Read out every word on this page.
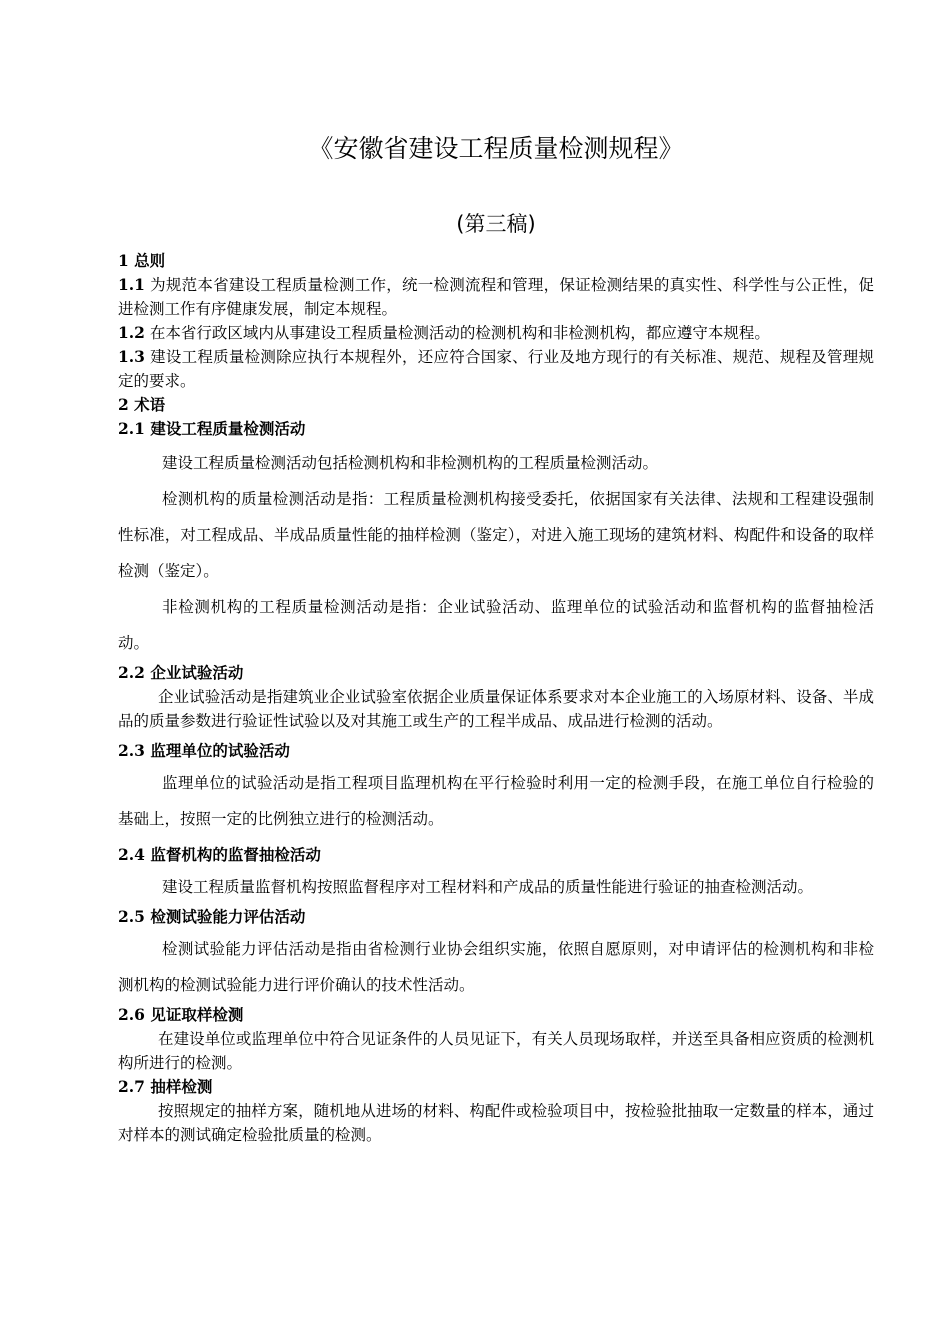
《安徽省建设工程质量检测规程》
(第三稿)

1 总则

1.1 为规范本省建设工程质量检测工作，统一检测流程和管理，保证检测结果的真实性、科学性与公正性，促进检测工作有序健康发展，制定本规程。

1.2 在本省行政区域内从事建设工程质量检测活动的检测机构和非检测机构，都应遵守本规程。

1.3 建设工程质量检测除应执行本规程外，还应符合国家、行业及地方现行的有关标准、规范、规程及管理规定的要求。

2 术语

2.1 建设工程质量检测活动

建设工程质量检测活动包括检测机构和非检测机构的工程质量检测活动。

检测机构的质量检测活动是指：工程质量检测机构接受委托，依据国家有关法律、法规和工程建设强制性标准，对工程成品、半成品质量性能的抽样检测（鉴定），对进入施工现场的建筑材料、构配件和设备的取样检测（鉴定）。

非检测机构的工程质量检测活动是指：企业试验活动、监理单位的试验活动和监督机构的监督抽检活动。

2.2 企业试验活动

企业试验活动是指建筑业企业试验室依据企业质量保证体系要求对本企业施工的入场原材料、设备、半成品的质量参数进行验证性试验以及对其施工或生产的工程半成品、成品进行检测的活动。

2.3 监理单位的试验活动

监理单位的试验活动是指工程项目监理机构在平行检验时利用一定的检测手段，在施工单位自行检验的基础上，按照一定的比例独立进行的检测活动。

2.4 监督机构的监督抽检活动

建设工程质量监督机构按照监督程序对工程材料和产成品的质量性能进行验证的抽查检测活动。

2.5 检测试验能力评估活动

检测试验能力评估活动是指由省检测行业协会组织实施，依照自愿原则，对申请评估的检测机构和非检测机构的检测试验能力进行评价确认的技术性活动。

2.6 见证取样检测

在建设单位或监理单位中符合见证条件的人员见证下，有关人员现场取样，并送至具备相应资质的检测机构所进行的检测。

2.7 抽样检测

按照规定的抽样方案，随机地从进场的材料、构配件或检验项目中，按检验批抽取一定数量的样本，通过对样本的测试确定检验批质量的检测。
